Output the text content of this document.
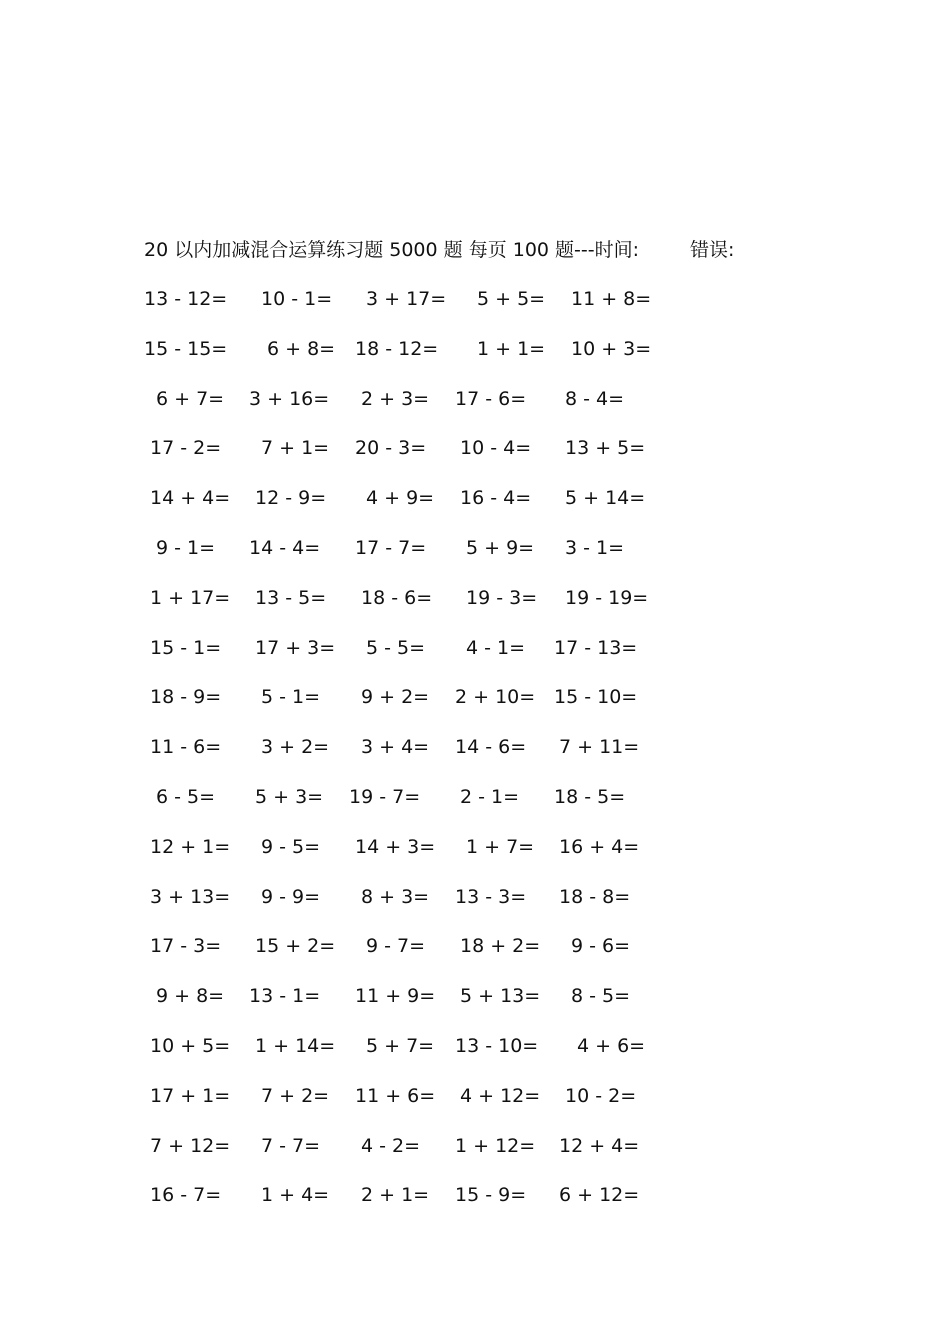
20 以内加减混合运算练习题 5000 题 每页 100 题---时间:	错误:
13 - 12= 10 - 1= 3 + 17= 5 + 5= 11 + 8=
15 - 15= 6 + 8= 18 - 12= 1 + 1= 10 + 3=
6 + 7= 3 + 16= 2 + 3= 17 - 6= 8 - 4=
17 - 2= 7 + 1= 20 - 3= 10 - 4= 13 + 5=
14 + 4= 12 - 9= 4 + 9= 16 - 4= 5 + 14=
9 - 1= 14 - 4= 17 - 7= 5 + 9= 3 - 1=
1 + 17= 13 - 5= 18 - 6= 19 - 3= 19 - 19=
15 - 1= 17 + 3= 5 - 5= 4 - 1= 17 - 13=
18 - 9= 5 - 1= 9 + 2= 2 + 10= 15 - 10=
11 - 6= 3 + 2= 3 + 4= 14 - 6= 7 + 11=
6 - 5= 5 + 3= 19 - 7= 2 - 1= 18 - 5=
12 + 1= 9 - 5= 14 + 3= 1 + 7= 16 + 4=
3 + 13= 9 - 9= 8 + 3= 13 - 3= 18 - 8=
17 - 3= 15 + 2= 9 - 7= 18 + 2= 9 - 6=
9 + 8= 13 - 1= 11 + 9= 5 + 13= 8 - 5=
10 + 5= 1 + 14= 5 + 7= 13 - 10= 4 + 6=
17 + 1= 7 + 2= 11 + 6= 4 + 12= 10 - 2=
7 + 12= 7 - 7= 4 - 2= 1 + 12= 12 + 4=
16 - 7= 1 + 4= 2 + 1= 15 - 9= 6 + 12=
